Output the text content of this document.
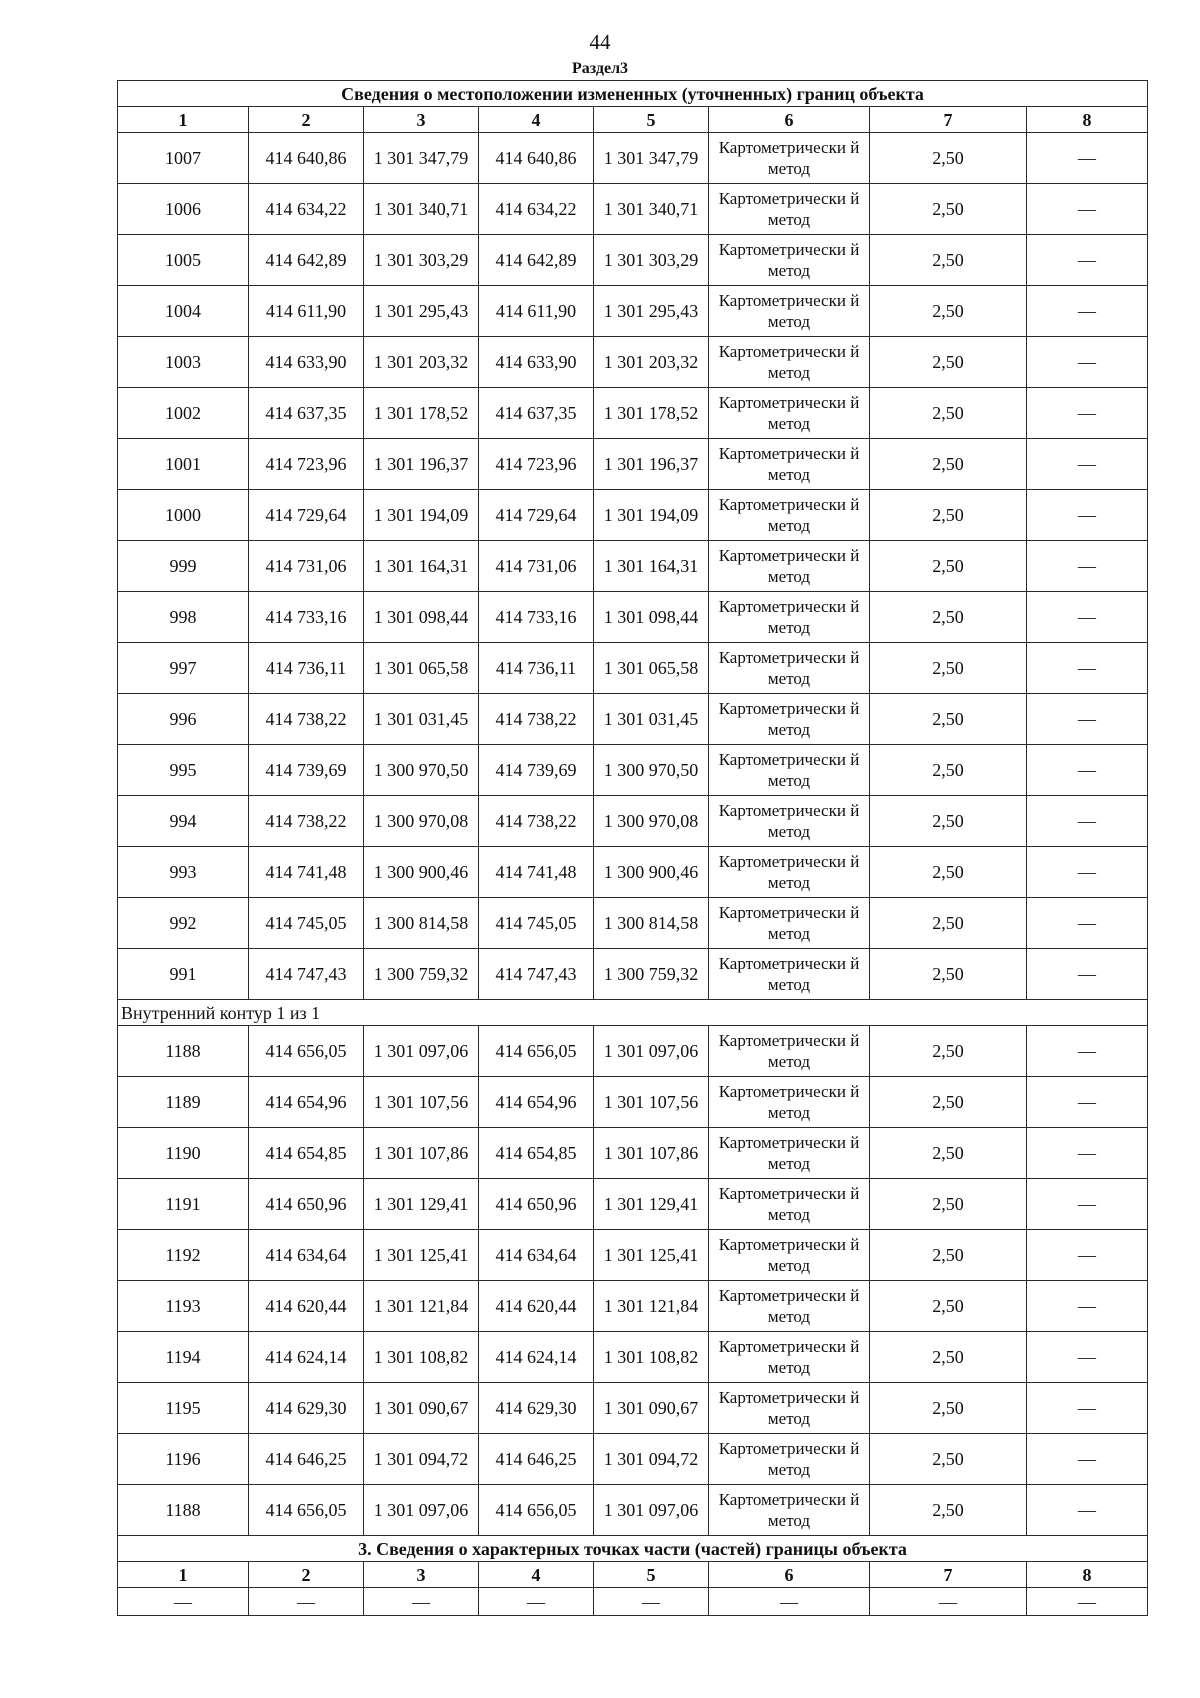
44
Раздел3
Сведения о местоположении измененных (уточненных) границ объекта							
1	2	3	4	5	6	7	8
1007	414 640,86	1 301 347,79	414 640,86	1 301 347,79	Картометрически й метод	2,50	—
1006	414 634,22	1 301 340,71	414 634,22	1 301 340,71	Картометрически й метод	2,50	—
1005	414 642,89	1 301 303,29	414 642,89	1 301 303,29	Картометрически й метод	2,50	—
1004	414 611,90	1 301 295,43	414 611,90	1 301 295,43	Картометрически й метод	2,50	—
1003	414 633,90	1 301 203,32	414 633,90	1 301 203,32	Картометрически й метод	2,50	—
1002	414 637,35	1 301 178,52	414 637,35	1 301 178,52	Картометрически й метод	2,50	—
1001	414 723,96	1 301 196,37	414 723,96	1 301 196,37	Картометрически й метод	2,50	—
1000	414 729,64	1 301 194,09	414 729,64	1 301 194,09	Картометрически й метод	2,50	—
999	414 731,06	1 301 164,31	414 731,06	1 301 164,31	Картометрически й метод	2,50	—
998	414 733,16	1 301 098,44	414 733,16	1 301 098,44	Картометрически й метод	2,50	—
997	414 736,11	1 301 065,58	414 736,11	1 301 065,58	Картометрически й метод	2,50	—
996	414 738,22	1 301 031,45	414 738,22	1 301 031,45	Картометрически й метод	2,50	—
995	414 739,69	1 300 970,50	414 739,69	1 300 970,50	Картометрически й метод	2,50	—
994	414 738,22	1 300 970,08	414 738,22	1 300 970,08	Картометрически й метод	2,50	—
993	414 741,48	1 300 900,46	414 741,48	1 300 900,46	Картометрически й метод	2,50	—
992	414 745,05	1 300 814,58	414 745,05	1 300 814,58	Картометрически й метод	2,50	—
991	414 747,43	1 300 759,32	414 747,43	1 300 759,32	Картометрически й метод	2,50	—
Внутренний контур 1 из 1							
1188	414 656,05	1 301 097,06	414 656,05	1 301 097,06	Картометрически й метод	2,50	—
1189	414 654,96	1 301 107,56	414 654,96	1 301 107,56	Картометрически й метод	2,50	—
1190	414 654,85	1 301 107,86	414 654,85	1 301 107,86	Картометрически й метод	2,50	—
1191	414 650,96	1 301 129,41	414 650,96	1 301 129,41	Картометрически й метод	2,50	—
1192	414 634,64	1 301 125,41	414 634,64	1 301 125,41	Картометрически й метод	2,50	—
1193	414 620,44	1 301 121,84	414 620,44	1 301 121,84	Картометрически й метод	2,50	—
1194	414 624,14	1 301 108,82	414 624,14	1 301 108,82	Картометрически й метод	2,50	—
1195	414 629,30	1 301 090,67	414 629,30	1 301 090,67	Картометрически й метод	2,50	—
1196	414 646,25	1 301 094,72	414 646,25	1 301 094,72	Картометрически й метод	2,50	—
1188	414 656,05	1 301 097,06	414 656,05	1 301 097,06	Картометрически й метод	2,50	—
3. Сведения о характерных точках части (частей) границы объекта							
1	2	3	4	5	6	7	8
—	—	—	—	—	—	—	—
